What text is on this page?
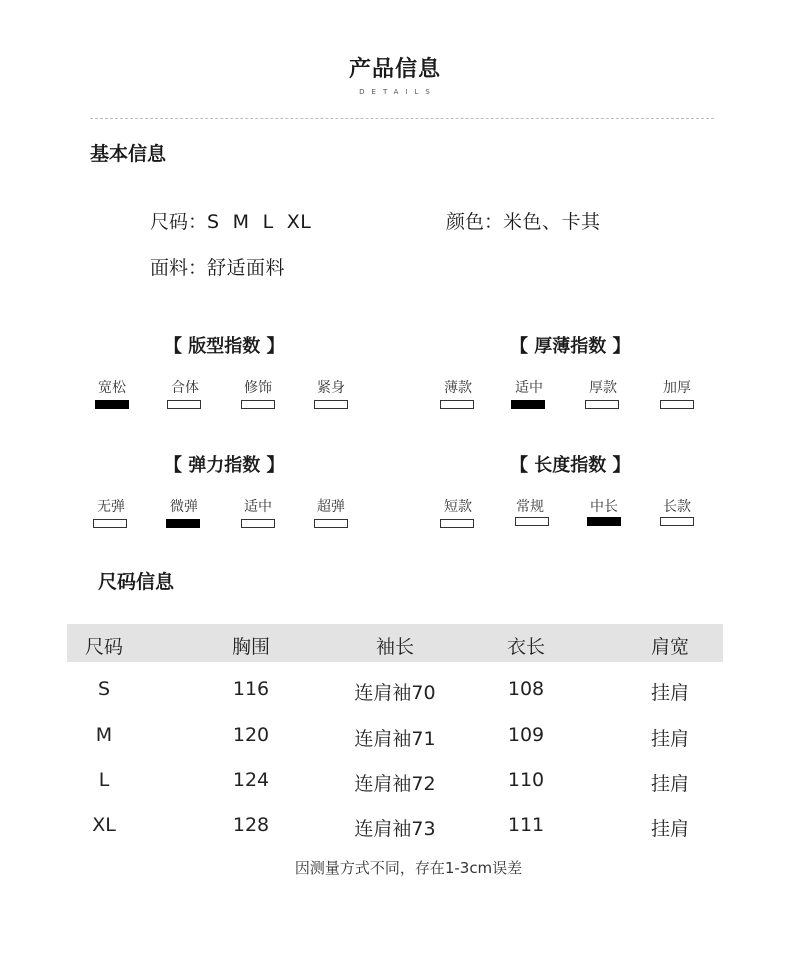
产品信息
DETAILS
基本信息
尺码：S  M  L  XL	颜色：米色、卡其
面料：舒适面料
【 版型指数 】
宽松	合体	修饰	紧身
【 厚薄指数 】
薄款	适中	厚款	加厚
【 弹力指数 】
无弹	微弹	适中	超弹
【 长度指数 】
短款	常规	中长	长款
尺码信息
尺码	胸围	袖长	衣长	肩宽
S	116	连肩袖70	108	挂肩
M	120	连肩袖71	109	挂肩
L	124	连肩袖72	110	挂肩
XL	128	连肩袖73	111	挂肩
因测量方式不同，存在1-3cm误差
